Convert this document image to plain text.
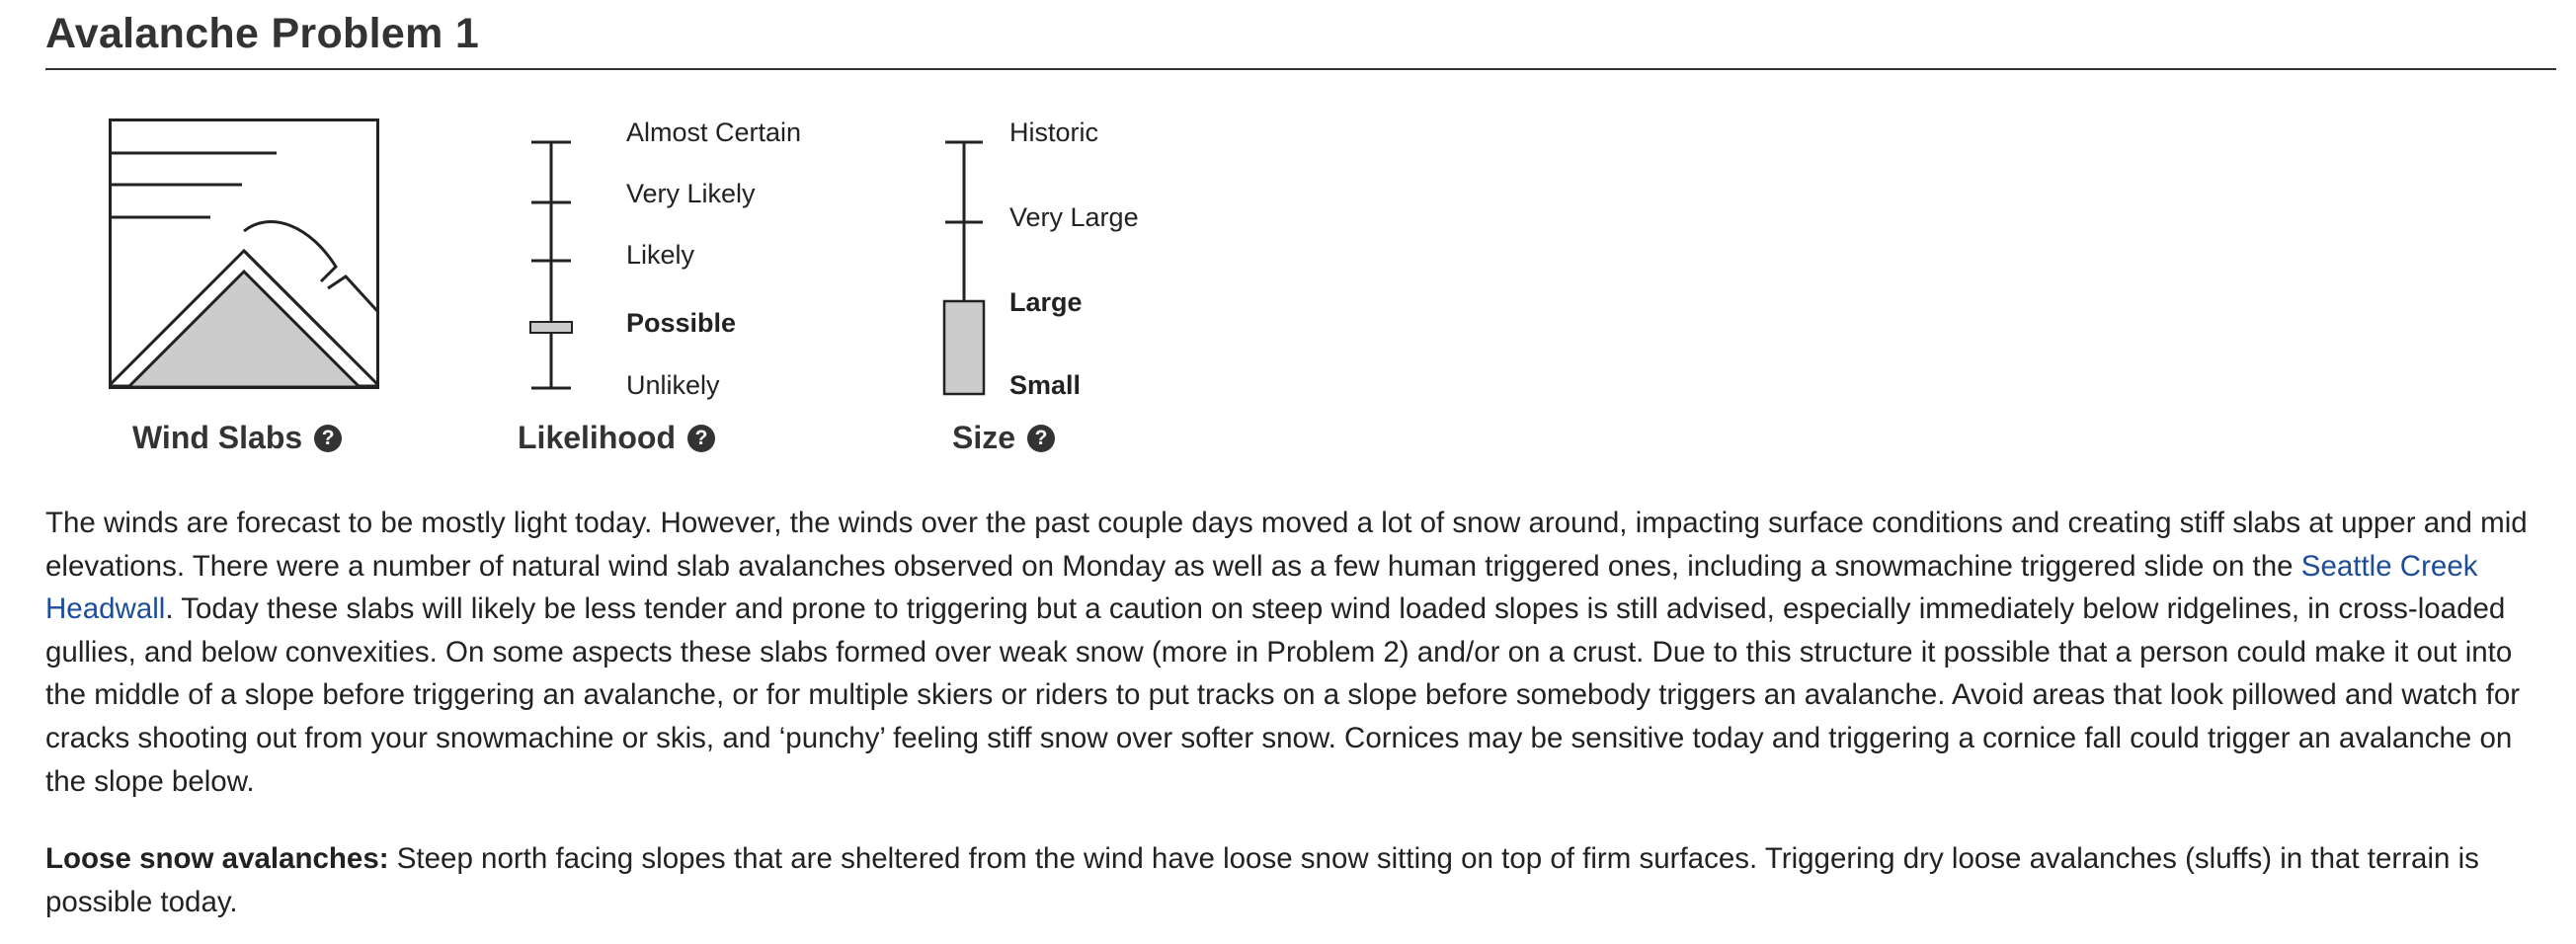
Avalanche Problem 1
Wind Slabs ?
Almost Certain
Very Likely
Likely
Possible
Unlikely
Likelihood ?
Historic
Very Large
Large
Small
Size ?

The winds are forecast to be mostly light today. However, the winds over the past couple days moved a lot of snow around, impacting surface conditions and creating stiff slabs at upper and mid elevations. There were a number of natural wind slab avalanches observed on Monday as well as a few human triggered ones, including a snowmachine triggered slide on the Seattle Creek Headwall. Today these slabs will likely be less tender and prone to triggering but a caution on steep wind loaded slopes is still advised, especially immediately below ridgelines, in cross-loaded gullies, and below convexities. On some aspects these slabs formed over weak snow (more in Problem 2) and/or on a crust. Due to this structure it possible that a person could make it out into the middle of a slope before triggering an avalanche, or for multiple skiers or riders to put tracks on a slope before somebody triggers an avalanche. Avoid areas that look pillowed and watch for cracks shooting out from your snowmachine or skis, and ‘punchy’ feeling stiff snow over softer snow. Cornices may be sensitive today and triggering a cornice fall could trigger an avalanche on the slope below.

Loose snow avalanches: Steep north facing slopes that are sheltered from the wind have loose snow sitting on top of firm surfaces. Triggering dry loose avalanches (sluffs) in that terrain is possible today.
